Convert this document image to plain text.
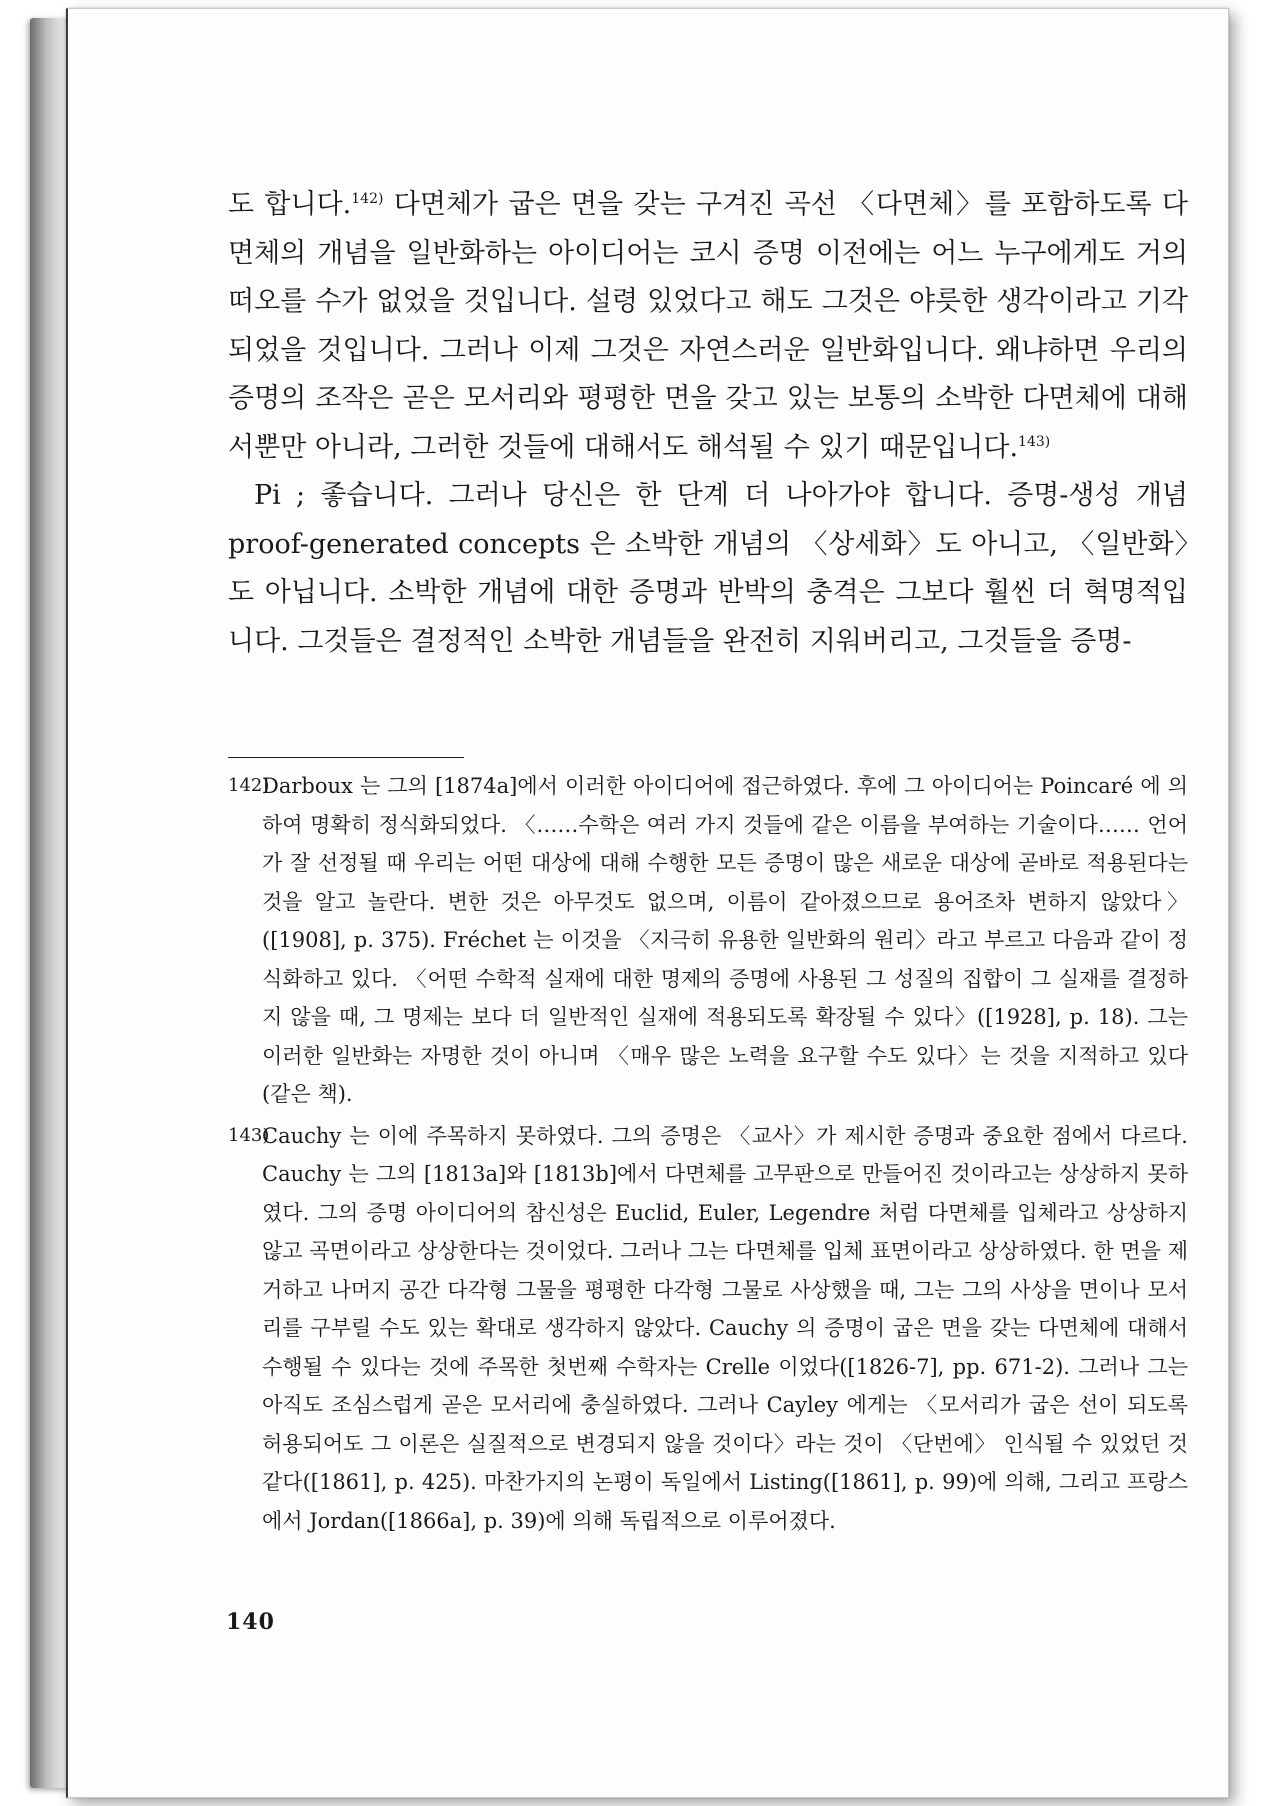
도 합니다.$^{142)}$ 다면체가 굽은 면을 갖는 구겨진 곡선 〈다면체〉를 포함하도록 다면체의 개념을 일반화하는 아이디어는 코시 증명 이전에는 어느 누구에게도 거의 떠오를 수가 없었을 것입니다. 설령 있었다고 해도 그것은 야릇한 생각이라고 기각되었을 것입니다. 그러나 이제 그것은 자연스러운 일반화입니다. 왜냐하면 우리의 증명의 조작은 곧은 모서리와 평평한 면을 갖고 있는 보통의 소박한 다면체에 대해서뿐만 아니라, 그러한 것들에 대해서도 해석될 수 있기 때문입니다.$^{143)}$

Pi ; 좋습니다. 그러나 당신은 한 단계 더 나아가야 합니다. 증명-생성 개념 proof-generated concepts 은 소박한 개념의 〈상세화〉도 아니고, 〈일반화〉도 아닙니다. 소박한 개념에 대한 증명과 반박의 충격은 그보다 훨씬 더 혁명적입니다. 그것들은 결정적인 소박한 개념들을 완전히 지워버리고, 그것들을 증명-

142)
Darboux 는 그의 [1874a]에서 이러한 아이디어에 접근하였다. 후에 그 아이디어는 Poincaré 에 의하여 명확히 정식화되었다. 〈……수학은 여러 가지 것들에 같은 이름을 부여하는 기술이다…… 언어가 잘 선정될 때 우리는 어떤 대상에 대해 수행한 모든 증명이 많은 새로운 대상에 곧바로 적용된다는 것을 알고 놀란다. 변한 것은 아무것도 없으며, 이름이 같아졌으므로 용어조차 변하지 않았다〉([1908], p. 375). Fréchet 는 이것을 〈지극히 유용한 일반화의 원리〉라고 부르고 다음과 같이 정식화하고 있다. 〈어떤 수학적 실재에 대한 명제의 증명에 사용된 그 성질의 집합이 그 실재를 결정하지 않을 때, 그 명제는 보다 더 일반적인 실재에 적용되도록 확장될 수 있다〉([1928], p. 18). 그는 이러한 일반화는 자명한 것이 아니며 〈매우 많은 노력을 요구할 수도 있다〉는 것을 지적하고 있다(같은 책).
143)
Cauchy 는 이에 주목하지 못하였다. 그의 증명은 〈교사〉가 제시한 증명과 중요한 점에서 다르다. Cauchy 는 그의 [1813a]와 [1813b]에서 다면체를 고무판으로 만들어진 것이라고는 상상하지 못하였다. 그의 증명 아이디어의 참신성은 Euclid, Euler, Legendre 처럼 다면체를 입체라고 상상하지 않고 곡면이라고 상상한다는 것이었다. 그러나 그는 다면체를 입체 표면이라고 상상하였다. 한 면을 제거하고 나머지 공간 다각형 그물을 평평한 다각형 그물로 사상했을 때, 그는 그의 사상을 면이나 모서리를 구부릴 수도 있는 확대로 생각하지 않았다. Cauchy 의 증명이 굽은 면을 갖는 다면체에 대해서 수행될 수 있다는 것에 주목한 첫번째 수학자는 Crelle 이었다([1826-7], pp. 671-2). 그러나 그는 아직도 조심스럽게 곧은 모서리에 충실하였다. 그러나 Cayley 에게는 〈모서리가 굽은 선이 되도록 허용되어도 그 이론은 실질적으로 변경되지 않을 것이다〉라는 것이 〈단번에〉 인식될 수 있었던 것 같다([1861], p. 425). 마찬가지의 논평이 독일에서 Listing([1861], p. 99)에 의해, 그리고 프랑스에서 Jordan([1866a], p. 39)에 의해 독립적으로 이루어졌다.
140
